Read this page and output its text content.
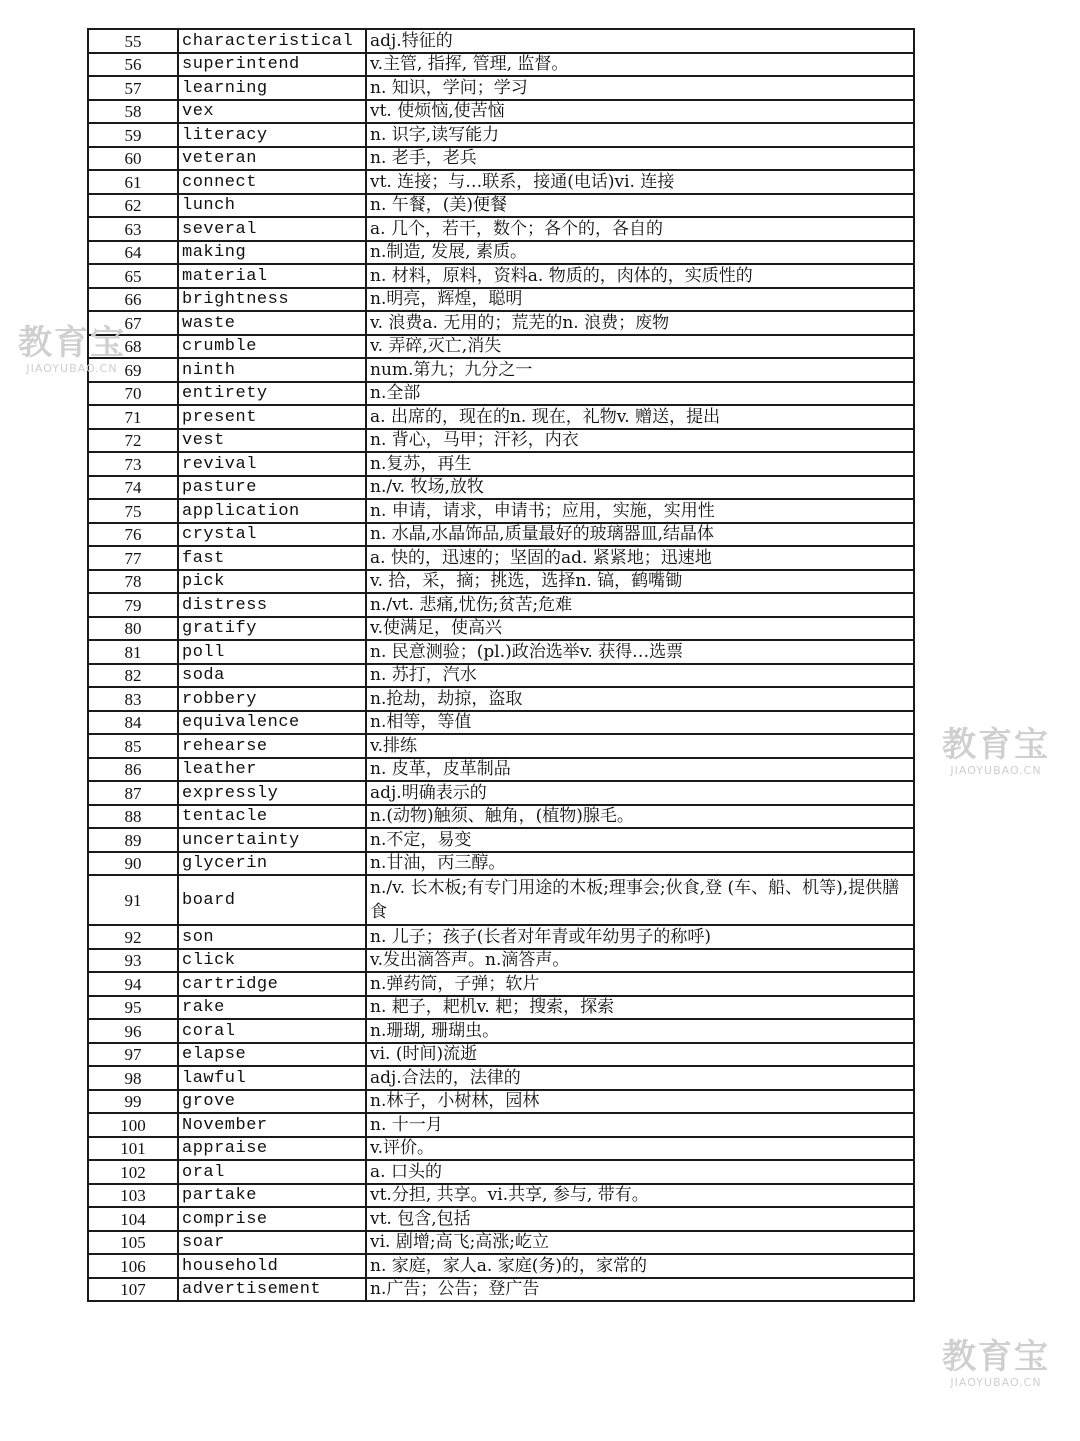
55	characteristical	adj.特征的
56	superintend	v.主管, 指挥, 管理, 监督。
57	learning	n. 知识，学问；学习
58	vex	vt. 使烦恼,使苦恼
59	literacy	n. 识字,读写能力
60	veteran	n. 老手，老兵
61	connect	vt. 连接；与…联系，接通(电话)vi. 连接
62	lunch	n. 午餐，(美)便餐
63	several	a. 几个，若干，数个；各个的，各自的
64	making	n.制造, 发展, 素质。
65	material	n. 材料，原料，资料a. 物质的，肉体的，实质性的
66	brightness	n.明亮，辉煌，聪明
67	waste	v. 浪费a. 无用的；荒芜的n. 浪费；废物
68	crumble	v. 弄碎,灭亡,消失
69	ninth	num.第九；九分之一
70	entirety	n.全部
71	present	a. 出席的，现在的n. 现在，礼物v. 赠送，提出
72	vest	n. 背心，马甲；汗衫，内衣
73	revival	n.复苏，再生
74	pasture	n./v. 牧场,放牧
75	application	n. 申请，请求，申请书；应用，实施，实用性
76	crystal	n. 水晶,水晶饰品,质量最好的玻璃器皿,结晶体
77	fast	a. 快的，迅速的；坚固的ad. 紧紧地；迅速地
78	pick	v. 拾，采，摘；挑选，选择n. 镐，鹤嘴锄
79	distress	n./vt. 悲痛,忧伤;贫苦;危难
80	gratify	v.使满足，使高兴
81	poll	n. 民意测验；(pl.)政治选举v. 获得…选票
82	soda	n. 苏打，汽水
83	robbery	n.抢劫，劫掠，盗取
84	equivalence	n.相等，等值
85	rehearse	v.排练
86	leather	n. 皮革，皮革制品
87	expressly	adj.明确表示的
88	tentacle	n.(动物)触须、触角，(植物)腺毛。
89	uncertainty	n.不定，易变
90	glycerin	n.甘油，丙三醇。
91	board	n./v. 长木板;有专门用途的木板;理事会;伙食,登 (车、船、机等),提供膳食
92	son	n. 儿子；孩子(长者对年青或年幼男子的称呼)
93	click	v.发出滴答声。n.滴答声。
94	cartridge	n.弹药筒，子弹；软片
95	rake	n. 耙子，耙机v. 耙；搜索，探索
96	coral	n.珊瑚, 珊瑚虫。
97	elapse	vi. (时间)流逝
98	lawful	adj.合法的，法律的
99	grove	n.林子，小树林，园林
100	November	n. 十一月
101	appraise	v.评价。
102	oral	a. 口头的
103	partake	vt.分担, 共享。vi.共享, 参与, 带有。
104	comprise	vt. 包含,包括
105	soar	vi. 剧增;高飞;高涨;屹立
106	household	n. 家庭，家人a. 家庭(务)的，家常的
107	advertisement	n.广告；公告；登广告
教育宝
JIAOYUBAO.CN
教育宝
JIAOYUBAO.CN
教育宝
JIAOYUBAO.CN
